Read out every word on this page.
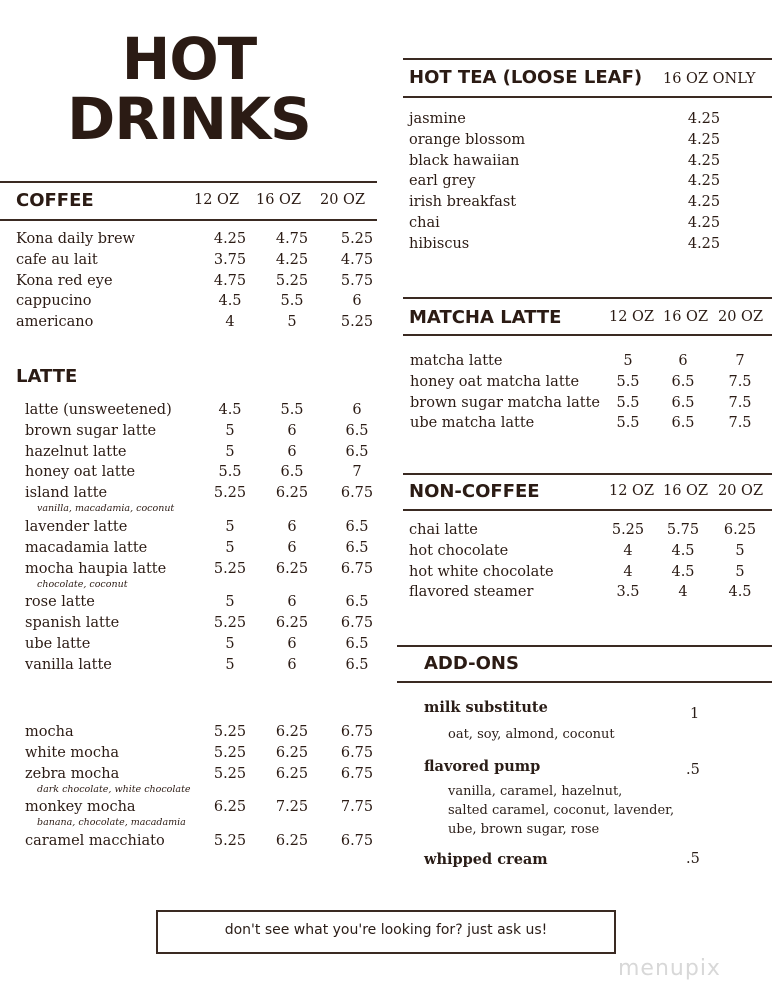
HOT
DRINKS
COFFEE	12 OZ 16 OZ 20 OZ
Kona daily brew	4.25 4.75 5.25
cafe au lait	3.75 4.25 4.75
Kona red eye	4.75 5.25 5.75
cappucino	4.5	5.5	6
americano	4	5	5.25
LATTE
latte (unsweetened)	4.5	5.5	6
brown sugar latte	5	6	6.5
hazelnut latte	5	6	6.5
honey oat latte	5.5	6.5	7
island latte	5.25 6.25 6.75
vanilla, macadamia, coconut
lavender latte	5	6	6.5
macadamia latte	5	6	6.5
mocha haupia latte	5.25 6.25 6.75
chocolate, coconut
rose latte	5	6	6.5
spanish latte	5.25 6.25 6.75
ube latte	5	6	6.5
vanilla latte	5	6	6.5
mocha	5.25 6.25 6.75
white mocha	5.25 6.25 6.75
zebra mocha	5.25 6.25 6.75
dark chocolate, white chocolate
monkey mocha	6.25 7.25 7.75
banana, chocolate, macadamia
caramel macchiato	5.25 6.25 6.75
HOT TEA (LOOSE LEAF) 16 OZ ONLY
jasmine	4.25
orange blossom	4.25
black hawaiian	4.25
earl grey	4.25
irish breakfast	4.25
chai	4.25
hibiscus	4.25
MATCHA LATTE	12 OZ 16 OZ 20 OZ
matcha latte	5	6	7
honey oat matcha latte	5.5	6.5	7.5
brown sugar matcha latte	5.5	6.5	7.5
ube matcha latte	5.5	6.5	7.5
NON-COFFEE	12 OZ 16 OZ 20 OZ
chai latte	5.25 5.75 6.25
hot chocolate	4	4.5	5
hot white chocolate	4	4.5	5
flavored steamer	3.5	4	4.5
ADD-ONS
milk substitute	1
oat, soy, almond, coconut
flavored pump	.5
vanilla, caramel, hazelnut,
salted caramel, coconut, lavender,
ube, brown sugar, rose
whipped cream	.5
don't see what you're looking for? just ask us!
menupix
